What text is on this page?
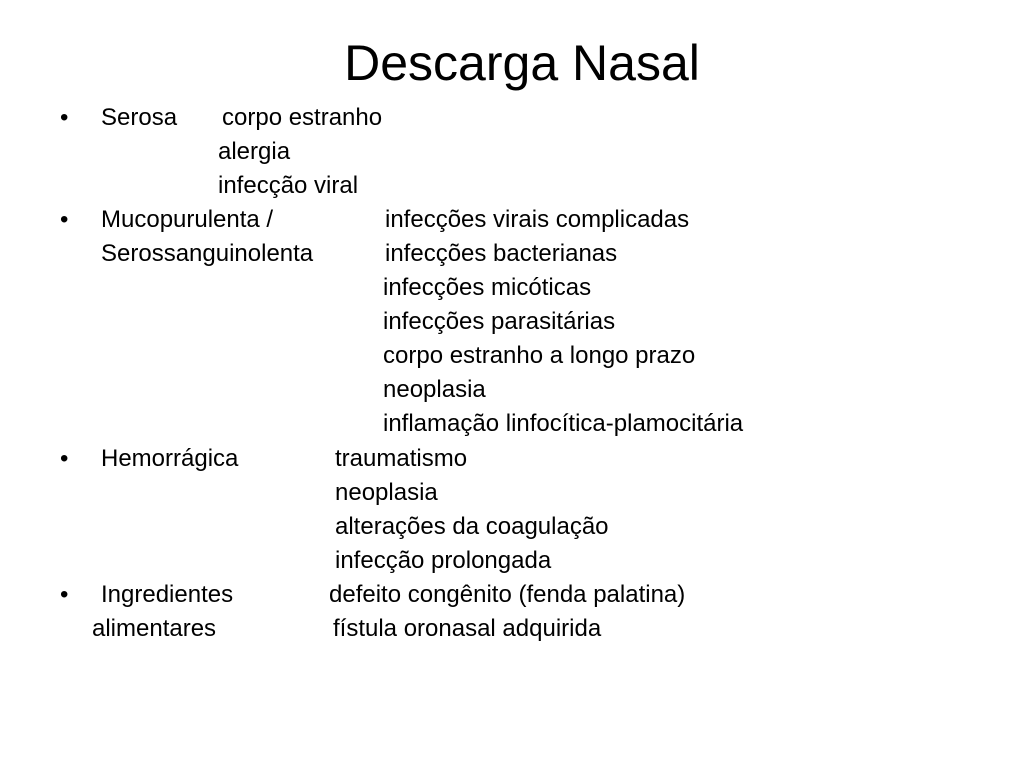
Descarga Nasal
• Serosa corpo estranho
alergia
infecção viral
• Mucopurulenta /
Serossanguinolenta
infecções virais complicadas
infecções bacterianas
infecções micóticas
infecções parasitárias
corpo estranho a longo prazo
neoplasia
inflamação linfocítica-plamocitária
• Hemorrágica	traumatismo
neoplasia
alterações da coagulação
infecção prolongada
• Ingredientes
alimentares
defeito congênito (fenda palatina)
fístula oronasal adquirida
